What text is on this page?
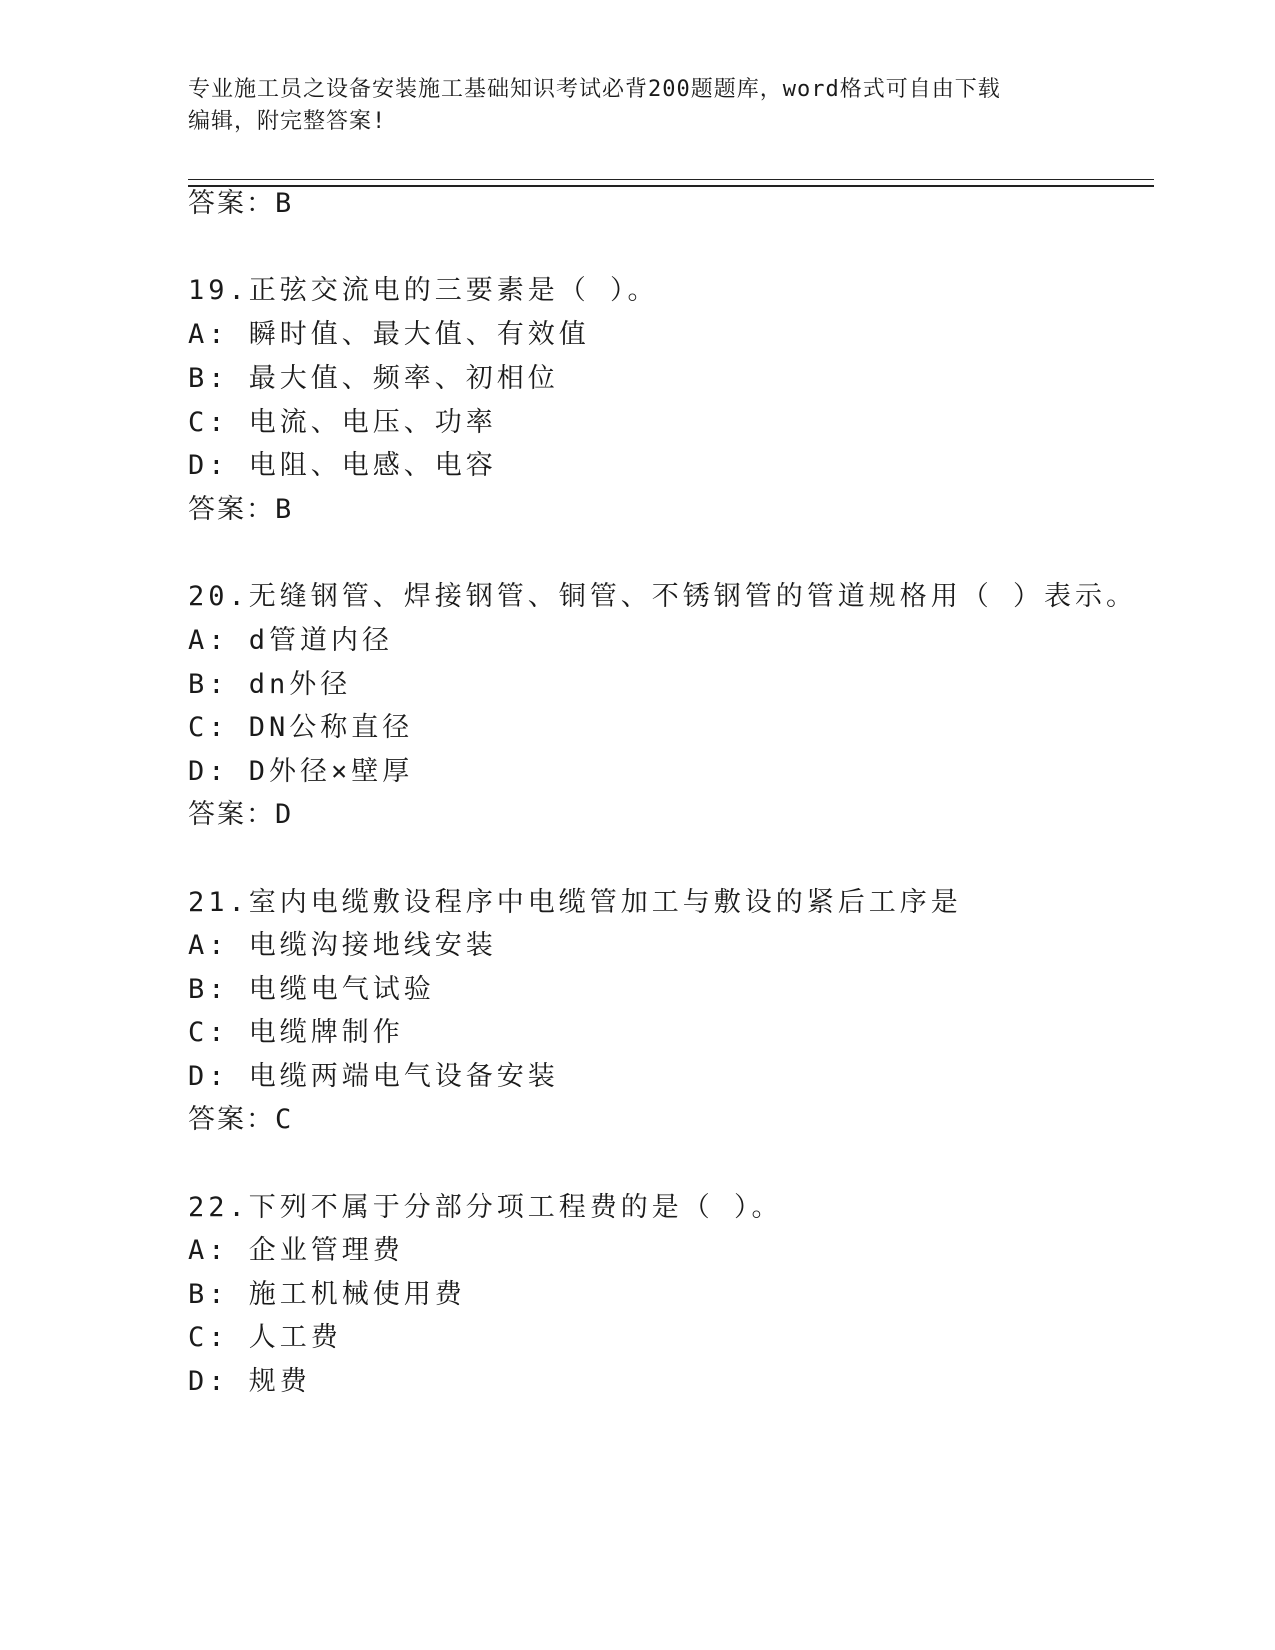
专业施工员之设备安装施工基础知识考试必背200题题库，word格式可自由下载
编辑，附完整答案!
答案：B
19.正弦交流电的三要素是（ ）。
A: 瞬时值、最大值、有效值
B: 最大值、频率、初相位
C: 电流、电压、功率
D: 电阻、电感、电容
答案：B
20.无缝钢管、焊接钢管、铜管、不锈钢管的管道规格用（ ）表示。
A: d管道内径
B: dn外径
C: DN公称直径
D: D外径×壁厚
答案：D
21.室内电缆敷设程序中电缆管加工与敷设的紧后工序是
A: 电缆沟接地线安装
B: 电缆电气试验
C: 电缆牌制作
D: 电缆两端电气设备安装
答案：C
22.下列不属于分部分项工程费的是（ ）。
A: 企业管理费
B: 施工机械使用费
C: 人工费
D: 规费
